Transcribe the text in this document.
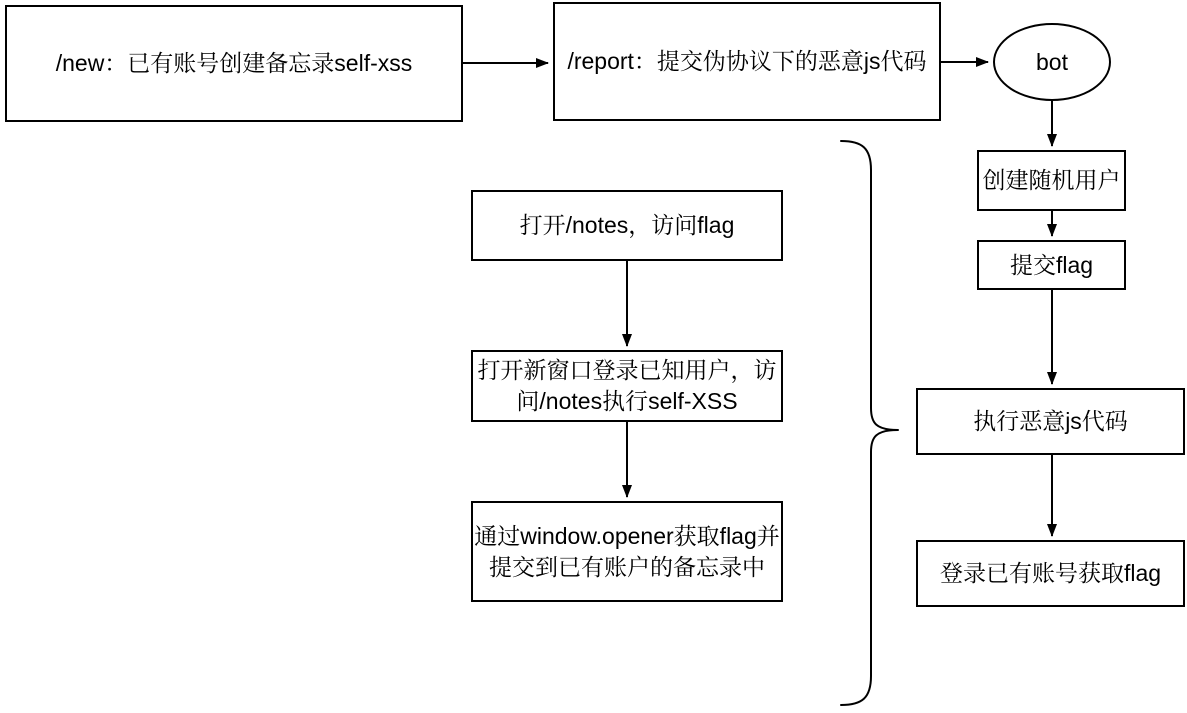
/new：已有账号创建备忘录self-xss	/report：提交伪协议下的恶意js代码	bot
创建随机用户
提交flag
执行恶意js代码
登录已有账号获取flag
打开/notes，访问flag
打开新窗口登录已知用户，访
问/notes执行self-XSS
通过window.opener获取flag并
提交到已有账户的备忘录中
